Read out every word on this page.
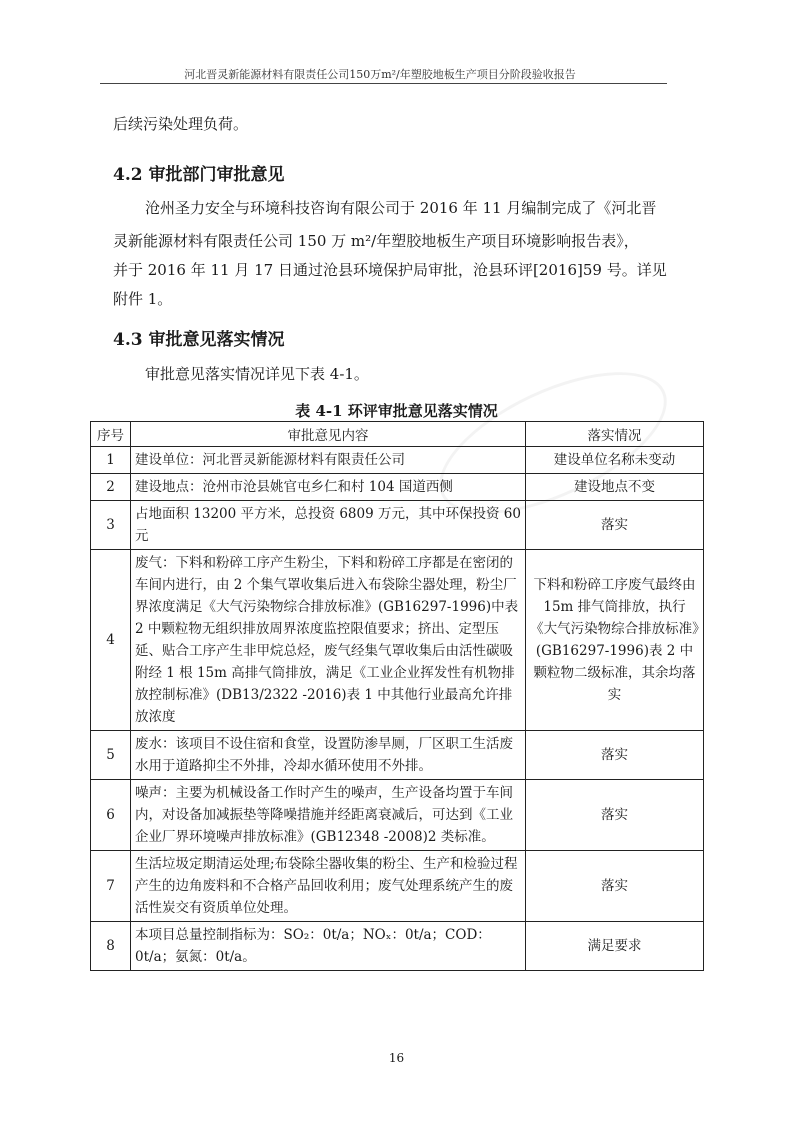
河北晋灵新能源材料有限责任公司150万m²/年塑胶地板生产项目分阶段验收报告
后续污染处理负荷。
4.2 审批部门审批意见
沧州圣力安全与环境科技咨询有限公司于 2016 年 11 月编制完成了《河北晋
灵新能源材料有限责任公司 150 万 m²/年塑胶地板生产项目环境影响报告表》，
并于 2016 年 11 月 17 日通过沧县环境保护局审批，沧县环评[2016]59 号。详见
附件 1。
4.3 审批意见落实情况
审批意见落实情况详见下表 4-1。
表 4-1 环评审批意见落实情况
序号	审批意见内容	落实情况
1	建设单位：河北晋灵新能源材料有限责任公司	建设单位名称未变动
2	建设地点：沧州市沧县姚官屯乡仁和村 104 国道西侧	建设地点不变
3	占地面积 13200 平方米，总投资 6809 万元，其中环保投资 60 元	落实
4	废气：下料和粉碎工序产生粉尘，下料和粉碎工序都是在密闭的车间内进行，由 2 个集气罩收集后进入布袋除尘器处理，粉尘厂界浓度满足《大气污染物综合排放标准》(GB16297-1996)中表 2 中颗粒物无组织排放周界浓度监控限值要求；挤出、定型压延、贴合工序产生非甲烷总烃，废气经集气罩收集后由活性碳吸附经 1 根 15m 高排气筒排放，满足《工业企业挥发性有机物排放控制标准》(DB13/2322 -2016)表 1 中其他行业最高允许排放浓度	下料和粉碎工序废气最终由 15m 排气筒排放，执行《大气污染物综合排放标准》(GB16297-1996)表 2 中颗粒物二级标准，其余均落实
5	废水：该项目不设住宿和食堂，设置防渗旱厕，厂区职工生活废水用于道路抑尘不外排，冷却水循环使用不外排。	落实
6	噪声：主要为机械设备工作时产生的噪声，生产设备均置于车间内，对设备加减振垫等降噪措施并经距离衰减后，可达到《工业企业厂界环境噪声排放标准》(GB12348 -2008)2 类标准。	落实
7	生活垃圾定期清运处理;布袋除尘器收集的粉尘、生产和检验过程产生的边角废料和不合格产品回收利用；废气处理系统产生的废活性炭交有资质单位处理。	落实
8	本项目总量控制指标为：SO₂：0t/a；NOₓ：0t/a；COD：0t/a；氨氮：0t/a。	满足要求
16
